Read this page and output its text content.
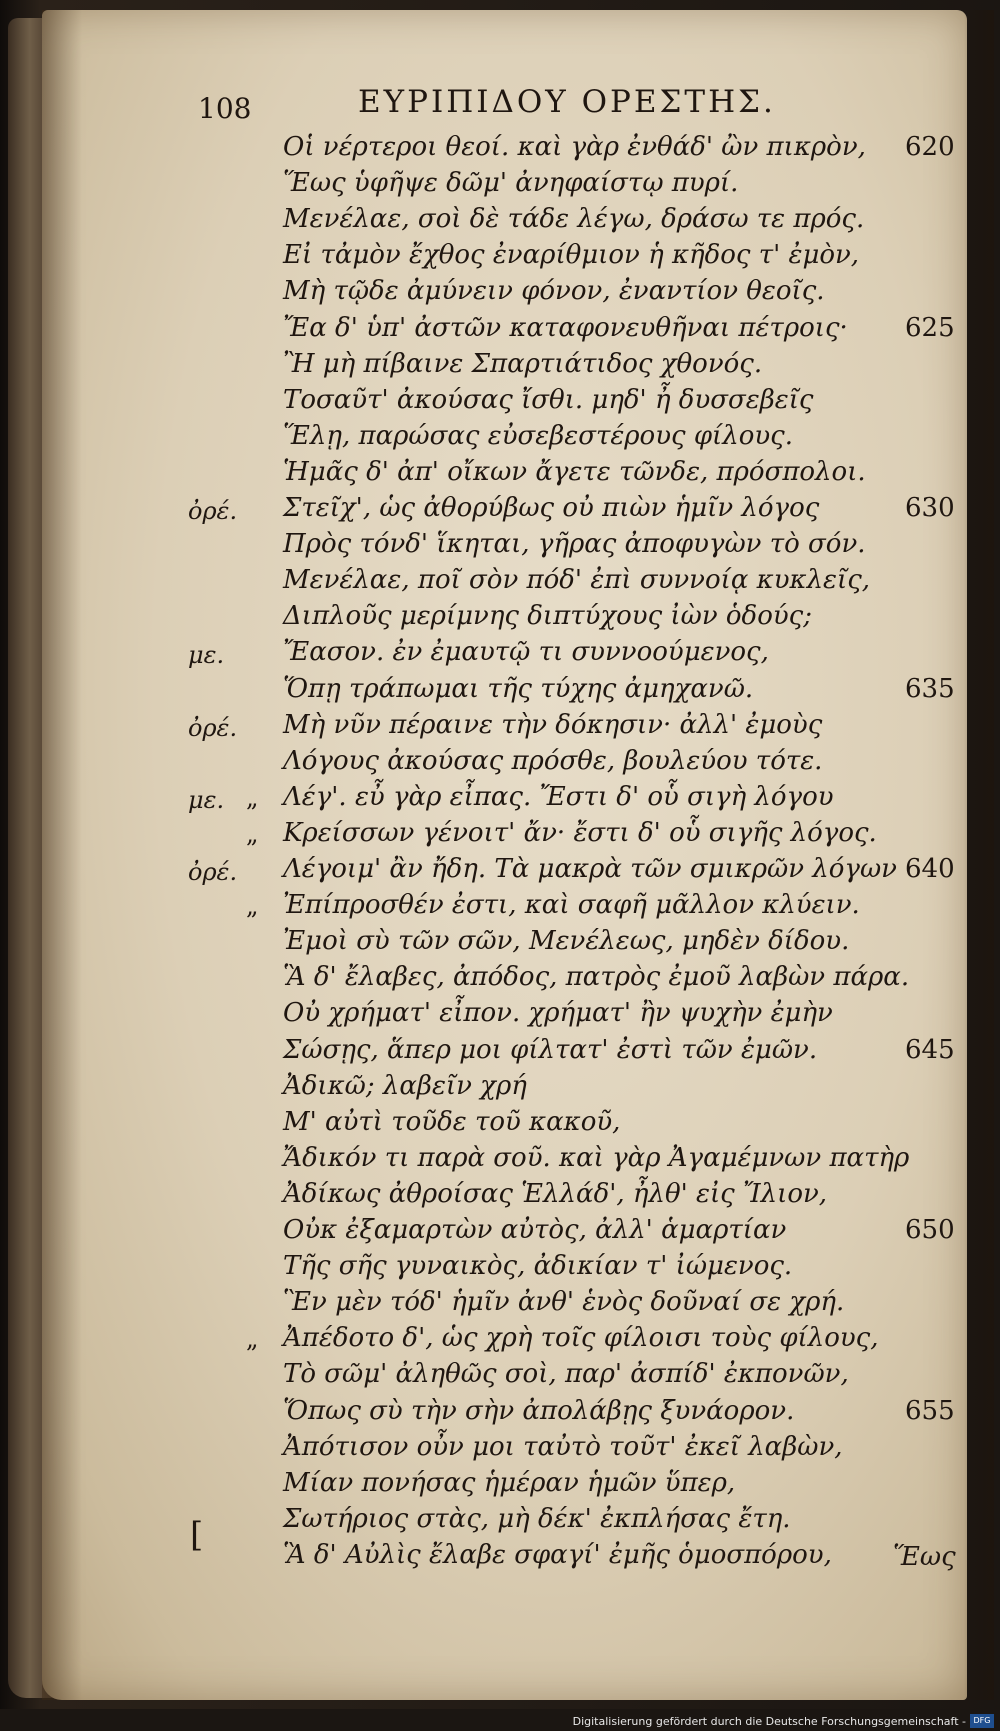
108	ΕΥΡΙΠΙΔΟΥ ΟΡΕΣΤΗΣ.
Οἱ νέρτεροι θεοί. καὶ γὰρ ἐνθάδ' ὢν πικρὸν, 620
Ἕως ὑφῆψε δῶμ' ἀνηφαίστῳ πυρί.
Μενέλαε, σοὶ δὲ τάδε λέγω, δράσω τε πρός.
Εἰ τἀμὸν ἔχθος ἐναρίθμιον ἡ κῆδος τ' ἐμὸν,
Μὴ τῷδε ἀμύνειν φόνον, ἐναντίον θεοῖς.
Ἔα δ' ὑπ' ἀστῶν καταφονευθῆναι πέτροις· 625
Ἢ μὴ πίβαινε Σπαρτιάτιδος χθονός.
Τοσαῦτ' ἀκούσας ἴσθι. μηδ' ἦ δυσσεβεῖς
Ἕλῃ, παρώσας εὐσεβεστέρους φίλους.
Ἡμᾶς δ' ἀπ' οἴκων ἄγετε τῶνδε, πρόσπολοι.
ὀρέ. Στεῖχ', ὡς ἀθορύβως οὐ πιὼν ἡμῖν λόγος	630
Πρὸς τόνδ' ἵκηται, γῆρας ἀποφυγὼν τὸ σόν.
Μενέλαε, ποῖ σὸν πόδ' ἐπὶ συννοίᾳ κυκλεῖς,
Διπλοῦς μερίμνης διπτύχους ἰὼν ὁδούς;
με. Ἔασον. ἐν ἐμαυτῷ τι συννοούμενος,
Ὅπῃ τράπωμαι τῆς τύχης ἀμηχανῶ.	635
ὀρέ. Μὴ νῦν πέραινε τὴν δόκησιν· ἀλλ' ἐμοὺς
Λόγους ἀκούσας πρόσθε, βουλεύου τότε.
με. „ Λέγ'. εὖ γὰρ εἶπας. Ἔστι δ' οὗ σιγὴ λόγου
„ Κρείσσων γένοιτ' ἄν· ἔστι δ' οὗ σιγῆς λόγος.
ὀρέ. Λέγοιμ' ἂν ἤδη. Τὰ μακρὰ τῶν σμικρῶν λόγων 640
„ Ἐπίπροσθέν ἐστι, καὶ σαφῆ μᾶλλον κλύειν.
Ἐμοὶ σὺ τῶν σῶν, Μενέλεως, μηδὲν δίδου.
Ἃ δ' ἔλαβες, ἀπόδος, πατρὸς ἐμοῦ λαβὼν πάρα.
Οὐ χρήματ' εἶπον. χρήματ' ἢν ψυχὴν ἐμὴν
Σώσῃς, ἅπερ μοι φίλτατ' ἐστὶ τῶν ἐμῶν.	645
Ἀδικῶ; λαβεῖν χρή
Μ' αὐτὶ τοῦδε τοῦ κακοῦ,
Ἄδικόν τι παρὰ σοῦ. καὶ γὰρ Ἀγαμέμνων πατὴρ
Ἀδίκως ἀθροίσας Ἑλλάδ', ἦλθ' εἰς Ἴλιον,
Οὐκ ἐξαμαρτὼν αὐτὸς, ἀλλ' ἁμαρτίαν	650
Τῆς σῆς γυναικὸς, ἀδικίαν τ' ἰώμενος.
Ἓν μὲν τόδ' ἡμῖν ἀνθ' ἑνὸς δοῦναί σε χρή.
„ Ἀπέδοτο δ', ὡς χρὴ τοῖς φίλοισι τοὺς φίλους,
Τὸ σῶμ' ἀληθῶς σοὶ, παρ' ἀσπίδ' ἐκπονῶν,
Ὅπως σὺ τὴν σὴν ἀπολάβῃς ξυνάορον.	655
Ἀπότισον οὖν μοι ταὐτὸ τοῦτ' ἐκεῖ λαβὼν,
Μίαν πονήσας ἡμέραν ἡμῶν ὕπερ,
Σωτήριος στὰς, μὴ δέκ' ἐκπλήσας ἔτη.
Ἃ δ' Αὐλὶς ἔλαβε σφαγί' ἐμῆς ὁμοσπόρου,
[
Ἕως
Digitalisierung gefördert durch die Deutsche Forschungsgemeinschaft - DFG
